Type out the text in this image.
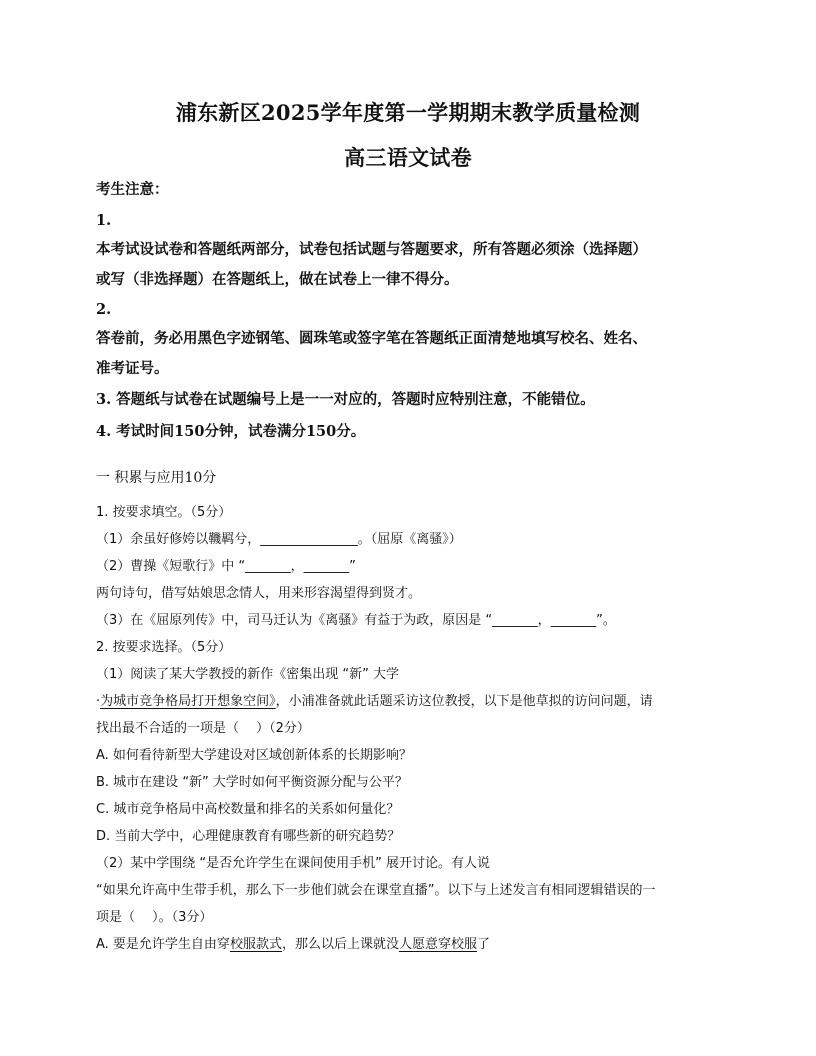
浦东新区2025学年度第一学期期末教学质量检测
高三语文试卷
考生注意：
1.
本考试设试卷和答题纸两部分，试卷包括试题与答题要求，所有答题必须涂（选择题）
或写（非选择题）在答题纸上，做在试卷上一律不得分。
2.
答卷前，务必用黑色字迹钢笔、圆珠笔或签字笔在答题纸正面清楚地填写校名、姓名、
准考证号。
3. 答题纸与试卷在试题编号上是一一对应的，答题时应特别注意，不能错位。
4. 考试时间150分钟，试卷满分150分。
一 积累与应用10分
1. 按要求填空。（5分）
（1）余虽好修姱以鞿羁兮，_______________。（屈原《离骚》）
（2）曹操《短歌行》中 “_______，_______”
两句诗句，借写姑娘思念情人，用来形容渴望得到贤才。
（3）在《屈原列传》中，司马迁认为《离骚》有益于为政，原因是 “_______，_______”。
2. 按要求选择。（5分）
（1）阅读了某大学教授的新作《密集出现 “新” 大学
·为城市竞争格局打开想象空间》，小浦准备就此话题采访这位教授，以下是他草拟的访问问题，请
找出最不合适的一项是（　 ）（2分）
A. 如何看待新型大学建设对区域创新体系的长期影响？
B. 城市在建设 “新” 大学时如何平衡资源分配与公平？
C. 城市竞争格局中高校数量和排名的关系如何量化？
D. 当前大学中，心理健康教育有哪些新的研究趋势？
（2）某中学围绕 “是否允许学生在课间使用手机” 展开讨论。有人说
“如果允许高中生带手机，那么下一步他们就会在课堂直播”。以下与上述发言有相同逻辑错误的一
项是（　 ）。（3分）
A. 要是允许学生自由穿校服款式，那么以后上课就没人愿意穿校服了
